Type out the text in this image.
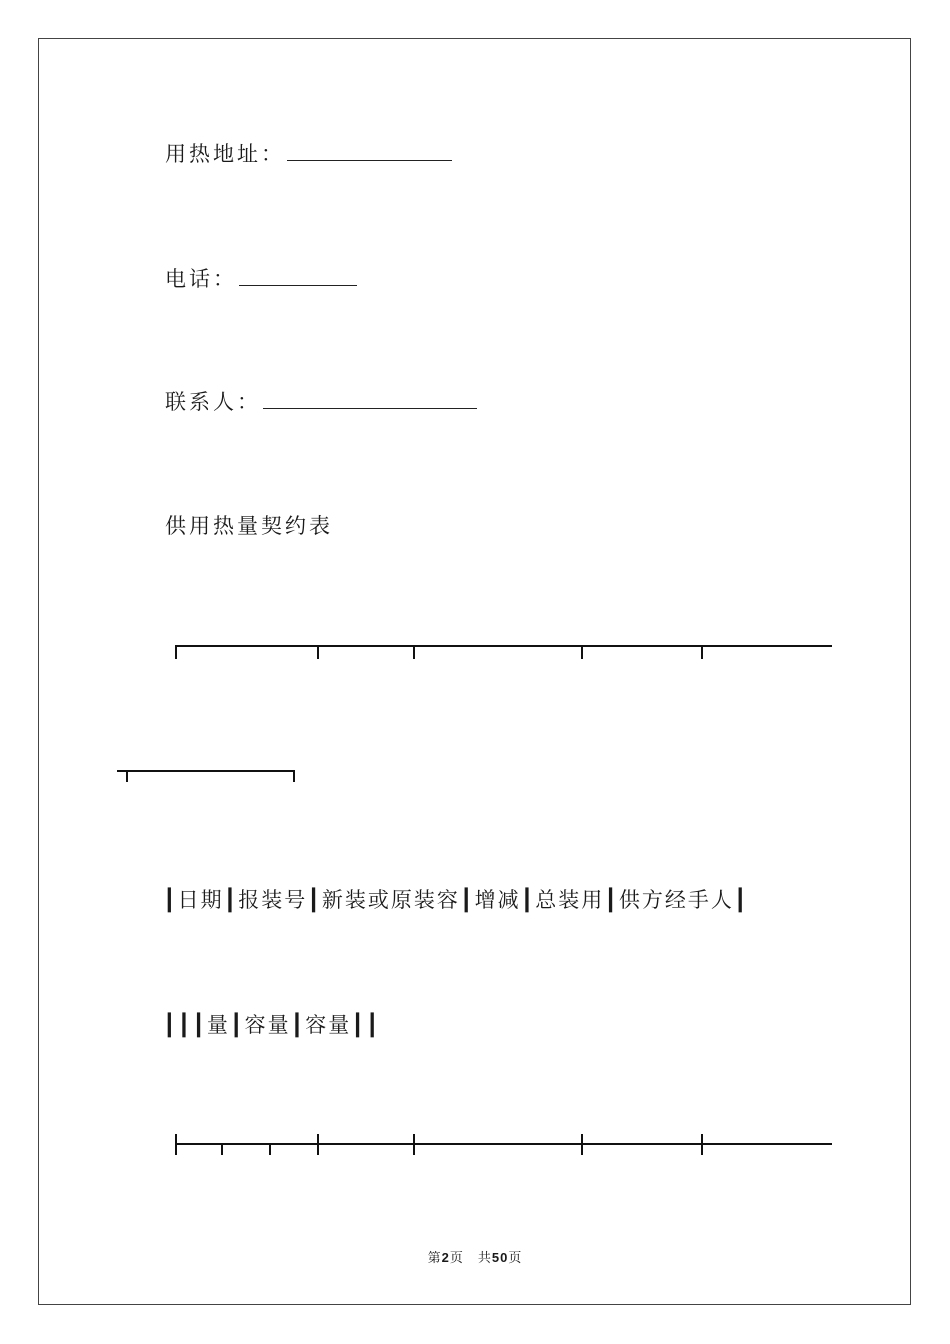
用热地址：
电话：
联系人：
供用热量契约表
┃日期┃报装号┃新装或原装容┃增减┃总装用┃供方经手人┃
┃┃┃量┃容量┃容量┃┃
第2页　共50页
